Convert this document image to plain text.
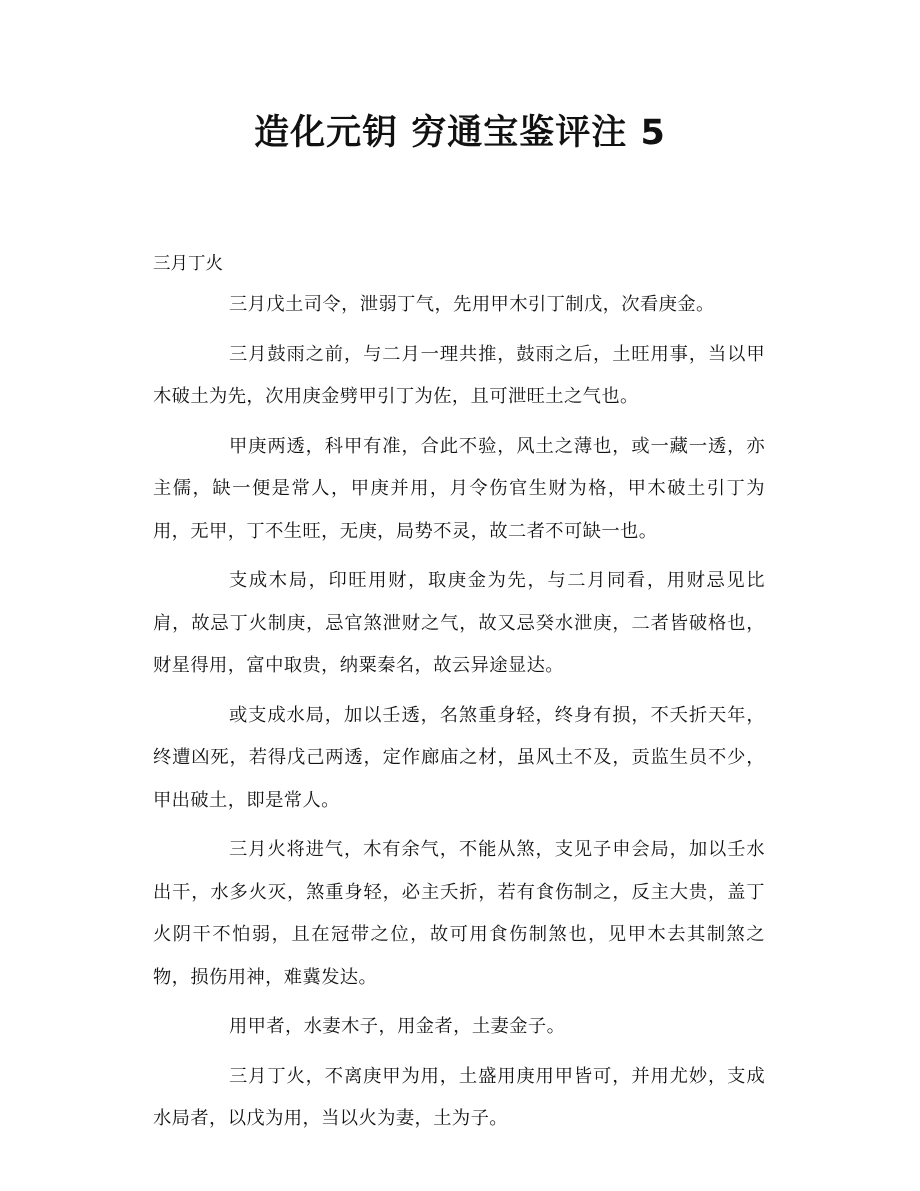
造化元钥 穷通宝鉴评注 5
三月丁火

三月戊土司令，泄弱丁气，先用甲木引丁制戊，次看庚金。

三月鼓雨之前，与二月一理共推，鼓雨之后，土旺用事，当以甲木破土为先，次用庚金劈甲引丁为佐，且可泄旺土之气也。

甲庚两透，科甲有准，合此不验，风土之薄也，或一藏一透，亦主儒，缺一便是常人，甲庚并用，月令伤官生财为格，甲木破土引丁为用，无甲，丁不生旺，无庚，局势不灵，故二者不可缺一也。

支成木局，印旺用财，取庚金为先，与二月同看，用财忌见比肩，故忌丁火制庚，忌官煞泄财之气，故又忌癸水泄庚，二者皆破格也，财星得用，富中取贵，纳粟秦名，故云异途显达。

或支成水局，加以壬透，名煞重身轻，终身有损，不夭折天年，终遭凶死，若得戊己两透，定作廊庙之材，虽风土不及，贡监生员不少，甲出破土，即是常人。

三月火将进气，木有余气，不能从煞，支见子申会局，加以壬水出干，水多火灭，煞重身轻，必主夭折，若有食伤制之，反主大贵，盖丁火阴干不怕弱，且在冠带之位，故可用食伤制煞也，见甲木去其制煞之物，损伤用神，难冀发达。

用甲者，水妻木子，用金者，土妻金子。

三月丁火，不离庚甲为用，土盛用庚用甲皆可，并用尤妙，支成水局者，以戊为用，当以火为妻，土为子。
